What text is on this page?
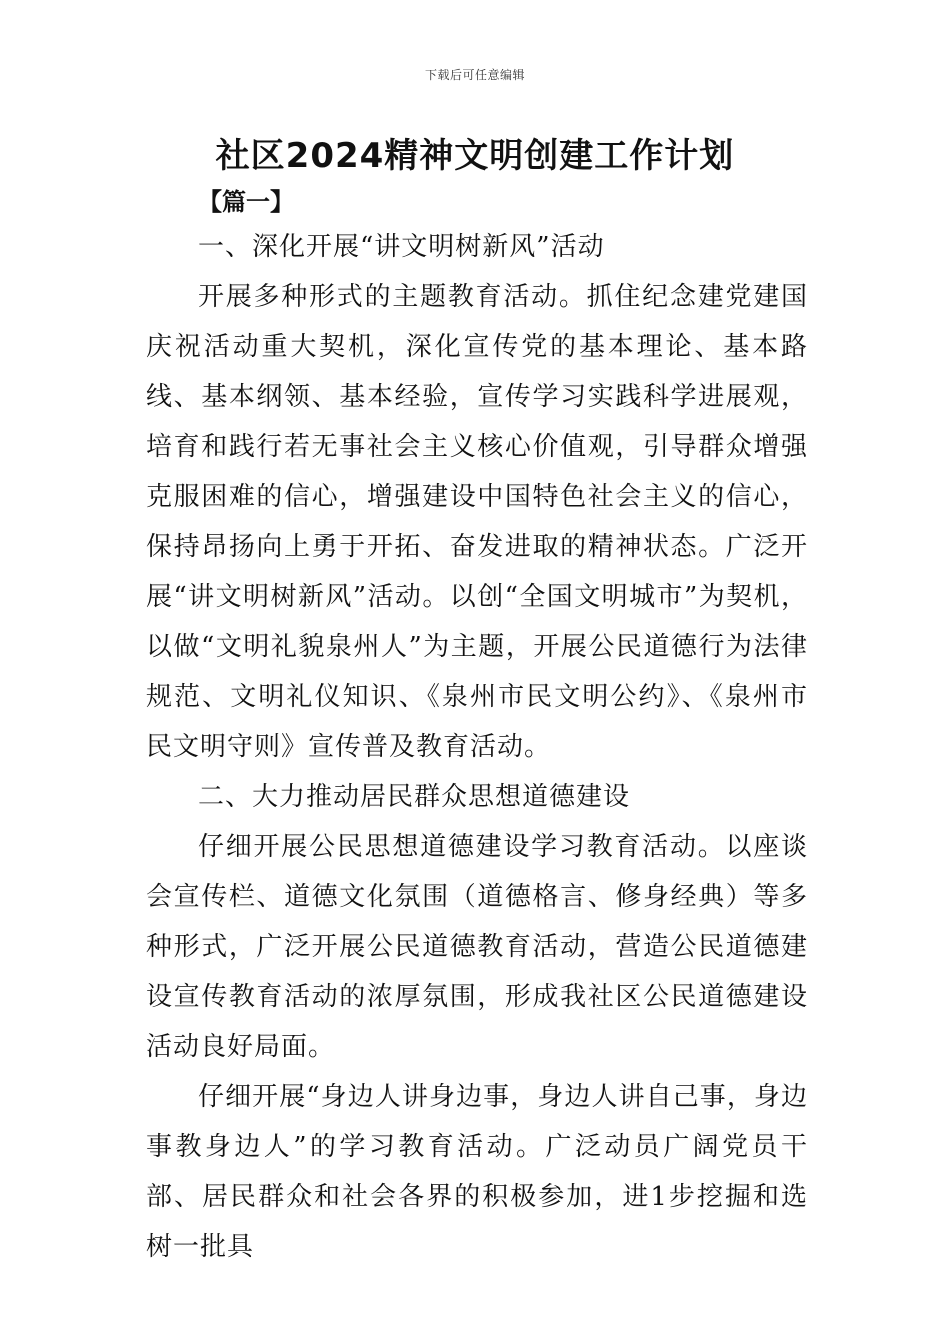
下载后可任意编辑
社区2024精神文明创建工作计划
【篇一】

一、深化开展“讲文明树新风”活动

开展多种形式的主题教育活动。抓住纪念建党建国庆祝活动重大契机，深化宣传党的基本理论、基本路线、基本纲领、基本经验，宣传学习实践科学进展观，培育和践行若无事社会主义核心价值观，引导群众增强克服困难的信心，增强建设中国特色社会主义的信心，保持昂扬向上勇于开拓、奋发进取的精神状态。广泛开展“讲文明树新风”活动。以创“全国文明城市”为契机，以做“文明礼貌泉州人”为主题，开展公民道德行为法律规范、文明礼仪知识、《泉州市民文明公约》、《泉州市民文明守则》宣传普及教育活动。

二、大力推动居民群众思想道德建设

仔细开展公民思想道德建设学习教育活动。以座谈会宣传栏、道德文化氛围（道德格言、修身经典）等多种形式，广泛开展公民道德教育活动，营造公民道德建设宣传教育活动的浓厚氛围，形成我社区公民道德建设活动良好局面。

仔细开展“身边人讲身边事，身边人讲自己事，身边事教身边人”的学习教育活动。广泛动员广阔党员干部、居民群众和社会各界的积极参加，进1步挖掘和选树一批具
